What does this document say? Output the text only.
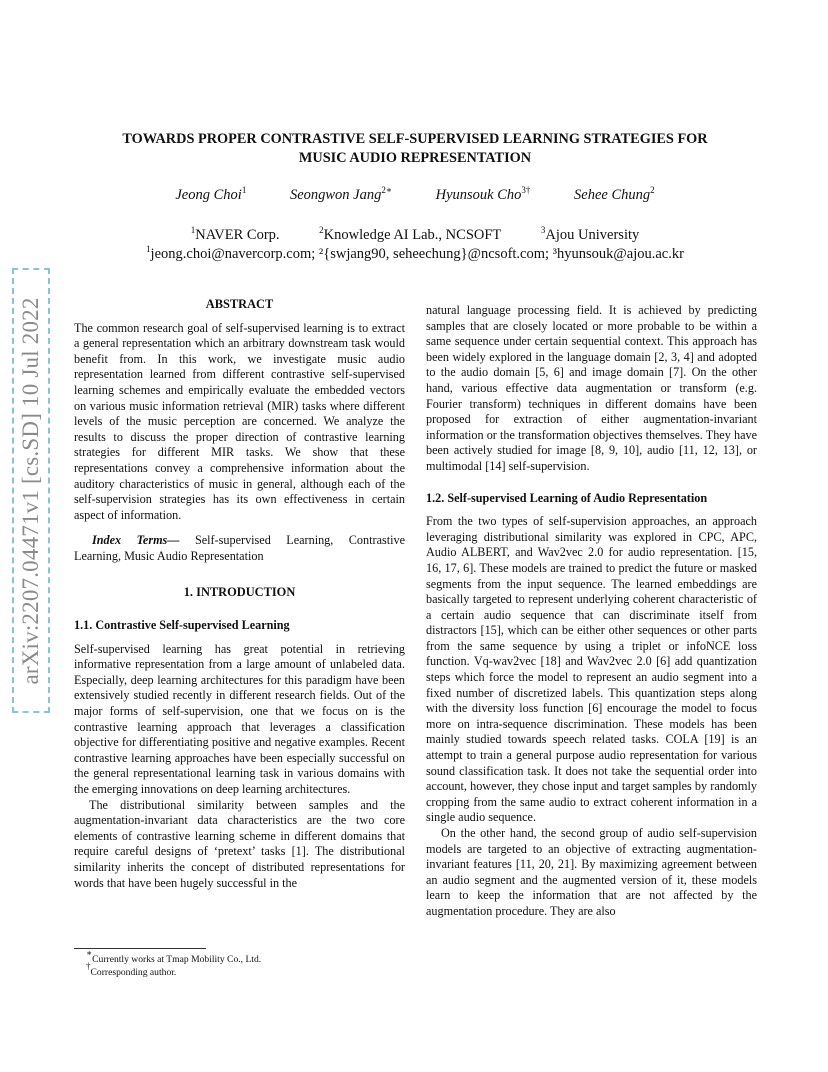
arXiv:2207.04471v1 [cs.SD] 10 Jul 2022
TOWARDS PROPER CONTRASTIVE SELF-SUPERVISED LEARNING STRATEGIES FOR
MUSIC AUDIO REPRESENTATION
Jeong Choi$^1$	Seongwon Jang$^{2∗}$	Hyunsouk Cho$^{3\dagger}$	Sehee Chung$^2$
$^1$NAVER Corp.	$^2$Knowledge AI Lab., NCSOFT	$^3$Ajou University
$^1$jeong.choi@navercorp.com; ²{swjang90, seheechung}@ncsoft.com; ³hyunsouk@ajou.ac.kr
ABSTRACT

The common research goal of self-supervised learning is to extract a general representation which an arbitrary downstream task would benefit from. In this work, we investigate music audio representation learned from different contrastive self-supervised learning schemes and empirically evaluate the embedded vectors on various music information retrieval (MIR) tasks where different levels of the music perception are concerned. We analyze the results to discuss the proper direction of contrastive learning strategies for different MIR tasks. We show that these representations convey a comprehensive information about the auditory characteristics of music in general, although each of the self-supervision strategies has its own effectiveness in certain aspect of information.

Index Terms— Self-supervised Learning, Contrastive Learning, Music Audio Representation

1. INTRODUCTION
1.1. Contrastive Self-supervised Learning

Self-supervised learning has great potential in retrieving informative representation from a large amount of unlabeled data. Especially, deep learning architectures for this paradigm have been extensively studied recently in different research fields. Out of the major forms of self-supervision, one that we focus on is the contrastive learning approach that leverages a classification objective for differentiating positive and negative examples. Recent contrastive learning approaches have been especially successful on the general representational learning task in various domains with the emerging innovations on deep learning architectures.

The distributional similarity between samples and the augmentation-invariant data characteristics are the two core elements of contrastive learning scheme in different domains that require careful designs of ‘pretext’ tasks [1]. The distributional similarity inherits the concept of distributed representations for words that have been hugely successful in the

natural language processing field. It is achieved by predicting samples that are closely located or more probable to be within a same sequence under certain sequential context. This approach has been widely explored in the language domain [2, 3, 4] and adopted to the audio domain [5, 6] and image domain [7]. On the other hand, various effective data augmentation or transform (e.g. Fourier transform) techniques in different domains have been proposed for extraction of either augmentation-invariant information or the transformation objectives themselves. They have been actively studied for image [8, 9, 10], audio [11, 12, 13], or multimodal [14] self-supervision.

1.2. Self-supervised Learning of Audio Representation

From the two types of self-supervision approaches, an approach leveraging distributional similarity was explored in CPC, APC, Audio ALBERT, and Wav2vec 2.0 for audio representation. [15, 16, 17, 6]. These models are trained to predict the future or masked segments from the input sequence. The learned embeddings are basically targeted to represent underlying coherent characteristic of a certain audio sequence that can discriminate itself from distractors [15], which can be either other sequences or other parts from the same sequence by using a triplet or infoNCE loss function. Vq-wav2vec [18] and Wav2vec 2.0 [6] add quantization steps which force the model to represent an audio segment into a fixed number of discretized labels. This quantization steps along with the diversity loss function [6] encourage the model to focus more on intra-sequence discrimination. These models has been mainly studied towards speech related tasks. COLA [19] is an attempt to train a general purpose audio representation for various sound classification task. It does not take the sequential order into account, however, they chose input and target samples by randomly cropping from the same audio to extract coherent information in a single audio sequence.

On the other hand, the second group of audio self-supervision models are targeted to an objective of extracting augmentation-invariant features [11, 20, 21]. By maximizing agreement between an audio segment and the augmented version of it, these models learn to keep the information that are not affected by the augmentation procedure. They are also

∗Currently works at Tmap Mobility Co., Ltd.
†Corresponding author.
